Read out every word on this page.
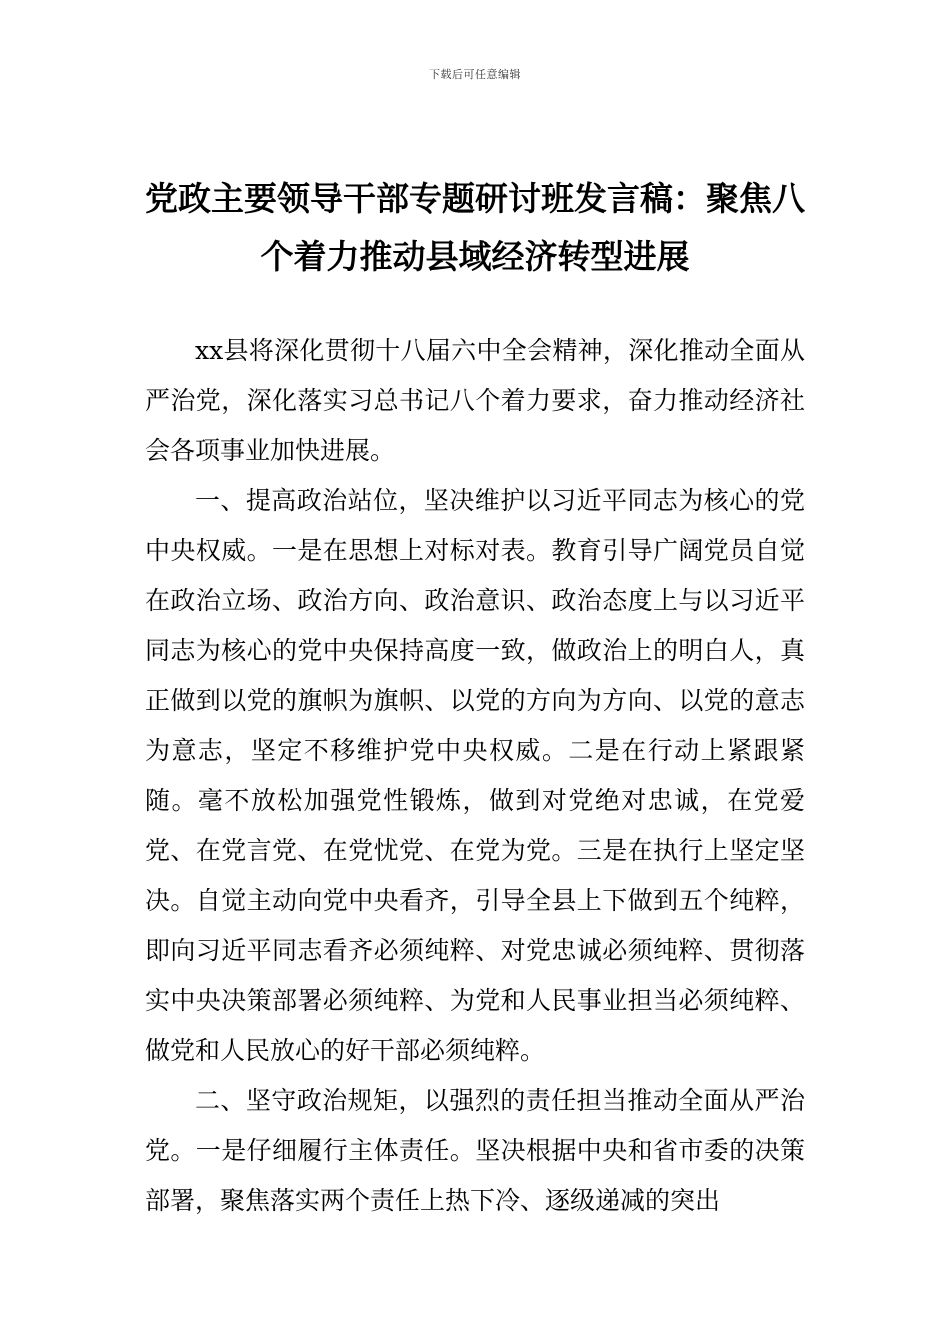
下载后可任意编辑
党政主要领导干部专题研讨班发言稿：聚焦八个着力推动县域经济转型进展

xx县将深化贯彻十八届六中全会精神，深化推动全面从严治党，深化落实习总书记八个着力要求，奋力推动经济社会各项事业加快进展。

一、提高政治站位，坚决维护以习近平同志为核心的党中央权威。一是在思想上对标对表。教育引导广阔党员自觉在政治立场、政治方向、政治意识、政治态度上与以习近平同志为核心的党中央保持高度一致，做政治上的明白人，真正做到以党的旗帜为旗帜、以党的方向为方向、以党的意志为意志，坚定不移维护党中央权威。二是在行动上紧跟紧随。毫不放松加强党性锻炼，做到对党绝对忠诚，在党爱党、在党言党、在党忧党、在党为党。三是在执行上坚定坚决。自觉主动向党中央看齐，引导全县上下做到五个纯粹，即向习近平同志看齐必须纯粹、对党忠诚必须纯粹、贯彻落实中央决策部署必须纯粹、为党和人民事业担当必须纯粹、做党和人民放心的好干部必须纯粹。

二、坚守政治规矩，以强烈的责任担当推动全面从严治党。一是仔细履行主体责任。坚决根据中央和省市委的决策部署，聚焦落实两个责任上热下冷、逐级递减的突出
